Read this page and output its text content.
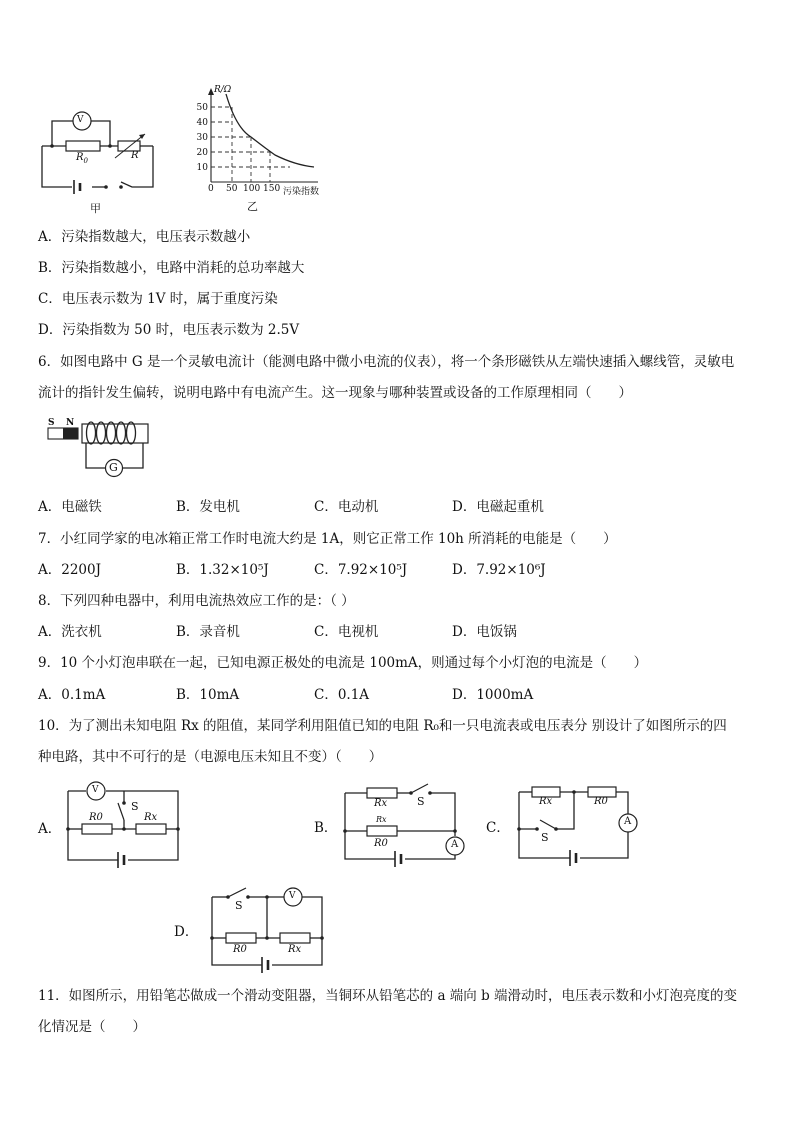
V
$R_0$	R
甲
R/Ω
50
40
30
20
10
0 50 100 150 污染指数
乙
A．污染指数越大，电压表示数越小
B．污染指数越小，电路中消耗的总功率越大
C．电压表示数为 1V 时，属于重度污染
D．污染指数为 50 时，电压表示数为 2.5V
6．如图电路中 G 是一个灵敏电流计（能测电路中微小电流的仪表），将一个条形磁铁从左端快速插入螺线管，灵敏电
流计的指针发生偏转，说明电路中有电流产生。这一现象与哪种装置或设备的工作原理相同（　　）
S N
G
A．电磁铁	B．发电机	C．电动机	D．电磁起重机
7．小红同学家的电冰箱正常工作时电流大约是 1A，则它正常工作 10h 所消耗的电能是（　　）
A．2200J	B．1.32×10⁵J	C．7.92×10⁵J	D．7.92×10⁶J
8．下列四种电器中，利用电流热效应工作的是：（ ）
A．洗衣机	B．录音机	C．电视机	D．电饭锅
9．10 个小灯泡串联在一起，已知电源正极处的电流是 100mA，则通过每个小灯泡的电流是（　　）
A．0.1mA	B．10mA	C．0.1A	D．1000mA
10．为了测出未知电阻 Rx 的阻值，某同学利用阻值已知的电阻 R₀和一只电流表或电压表分 别设计了如图所示的四
种电路，其中不可行的是（电源电压未知且不变）（　　）
A．
V
S
R0	Rx
B．
Rx	S
Rx
R0	A
C．
Rx	R0
S
A
D．
S
V
R0	Rx
11．如图所示，用铅笔芯做成一个滑动变阻器，当铜环从铅笔芯的 a 端向 b 端滑动时，电压表示数和小灯泡亮度的变
化情况是（　　）
